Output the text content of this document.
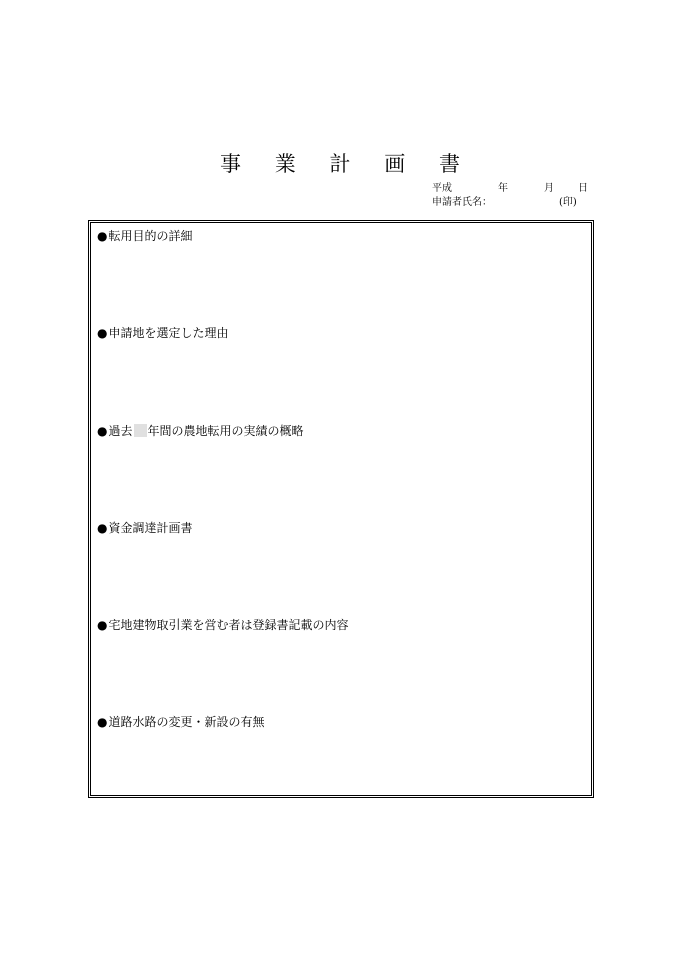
事 業 計 画 書
平成	年	月 日
申請者氏名：	(印)
●転用目的の詳細
●申請地を選定した理由
●過去 年間の農地転用の実績の概略
●資金調達計画書
●宅地建物取引業を営む者は登録書記載の内容
●道路水路の変更・新設の有無
